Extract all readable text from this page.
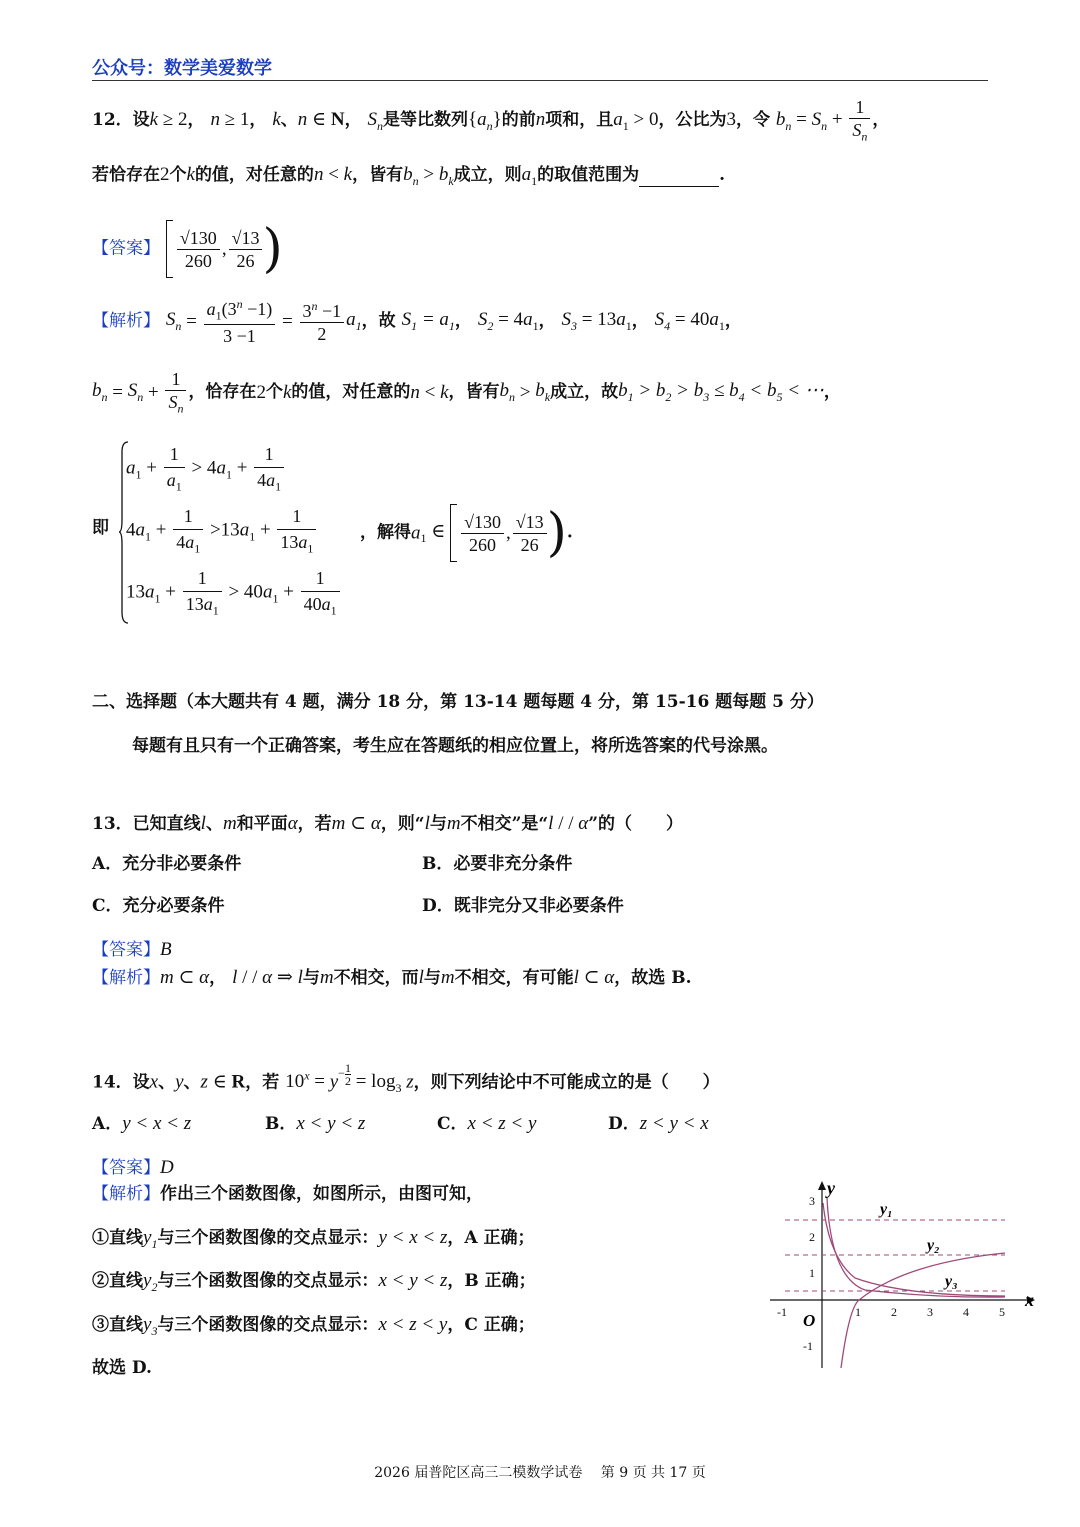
公众号：数学美爱数学
12．设k ≥ 2， n ≥ 1， k、n ∈ N， $S_n$是等比数列$\{a_n\}$的前n项和，且$a_1 > 0$，公比为3，令 $b_n = S_n + \frac{1}{S_n}$ ，
若恰存在2个k的值，对任意的n < k，皆有$b_n > b_k$成立，则$a_1$的取值范围为	.
【答案】 $\frac{√130}{260}$ , $\frac{√13}{26}$ )
【解析】 $S_n = \frac{a_1(3^n -1)}{3 -1} = \frac{3^n -1}{2} a_1$，故 $S_1 = a_1$， $S_2 = 4a_1$， $S_3 = 13a_1$， $S_4 = 40a_1$，
$b_n = S_n + \frac{1}{S_n}$ ，恰存在2个k的值，对任意的n < k，皆有$b_n > b_k$成立，故$b_1 > b_2 > b_3 \le b_4 < b_5$ < ⋯，
即
$a_1 + \frac{1}{a_1} > 4a_1 + \frac{1}{4a_1}$
$4a_1 + \frac{1}{4a_1} >13a_1 + \frac{1}{13a_1}$
$13a_1 + \frac{1}{13a_1} > 40a_1 + \frac{1}{40a_1}$
，解得$a_1$ ∈ $\frac{√130}{260}$ , $\frac{√13}{26}$ ).
二、选择题（本大题共有 4 题，满分 18 分，第 13-14 题每题 4 分，第 15-16 题每题 5 分）
每题有且只有一个正确答案，考生应在答题纸的相应位置上，将所选答案的代号涂黑。
13．已知直线l、m和平面α，若m ⊂ α，则“l与m不相交”是“l / / α”的（　　）
A．充分非必要条件	B．必要非充分条件
C．充分必要条件	D．既非完分又非必要条件
【答案】B
【解析】m ⊂ α， l / / α ⇒ l与m不相交，而l与m不相交，有可能l ⊂ α，故选 B.
14．设x、y、z ∈ R，若 $10^x = y^{- \frac{1}{2}} = \log_3 z$，则下列结论中不可能成立的是（　　）
A．y < x < z	B．x < y < z	C．x < z < y	D．z < y < x
【答案】D
【解析】作出三个函数图像，如图所示，由图可知，
①直线$y_1$与三个函数图像的交点显示：y < x < z，A 正确；
②直线$y_2$与三个函数图像的交点显示：x < y < z，B 正确；
③直线$y_3$与三个函数图像的交点显示：x < z < y，C 正确；
故选 D.
y
x
O
y₁
y₂
y₃
-1	1	2	3	4	5
3
2
1
-1
2026 届普陀区高三二模数学试卷　 第 9 页 共 17 页
